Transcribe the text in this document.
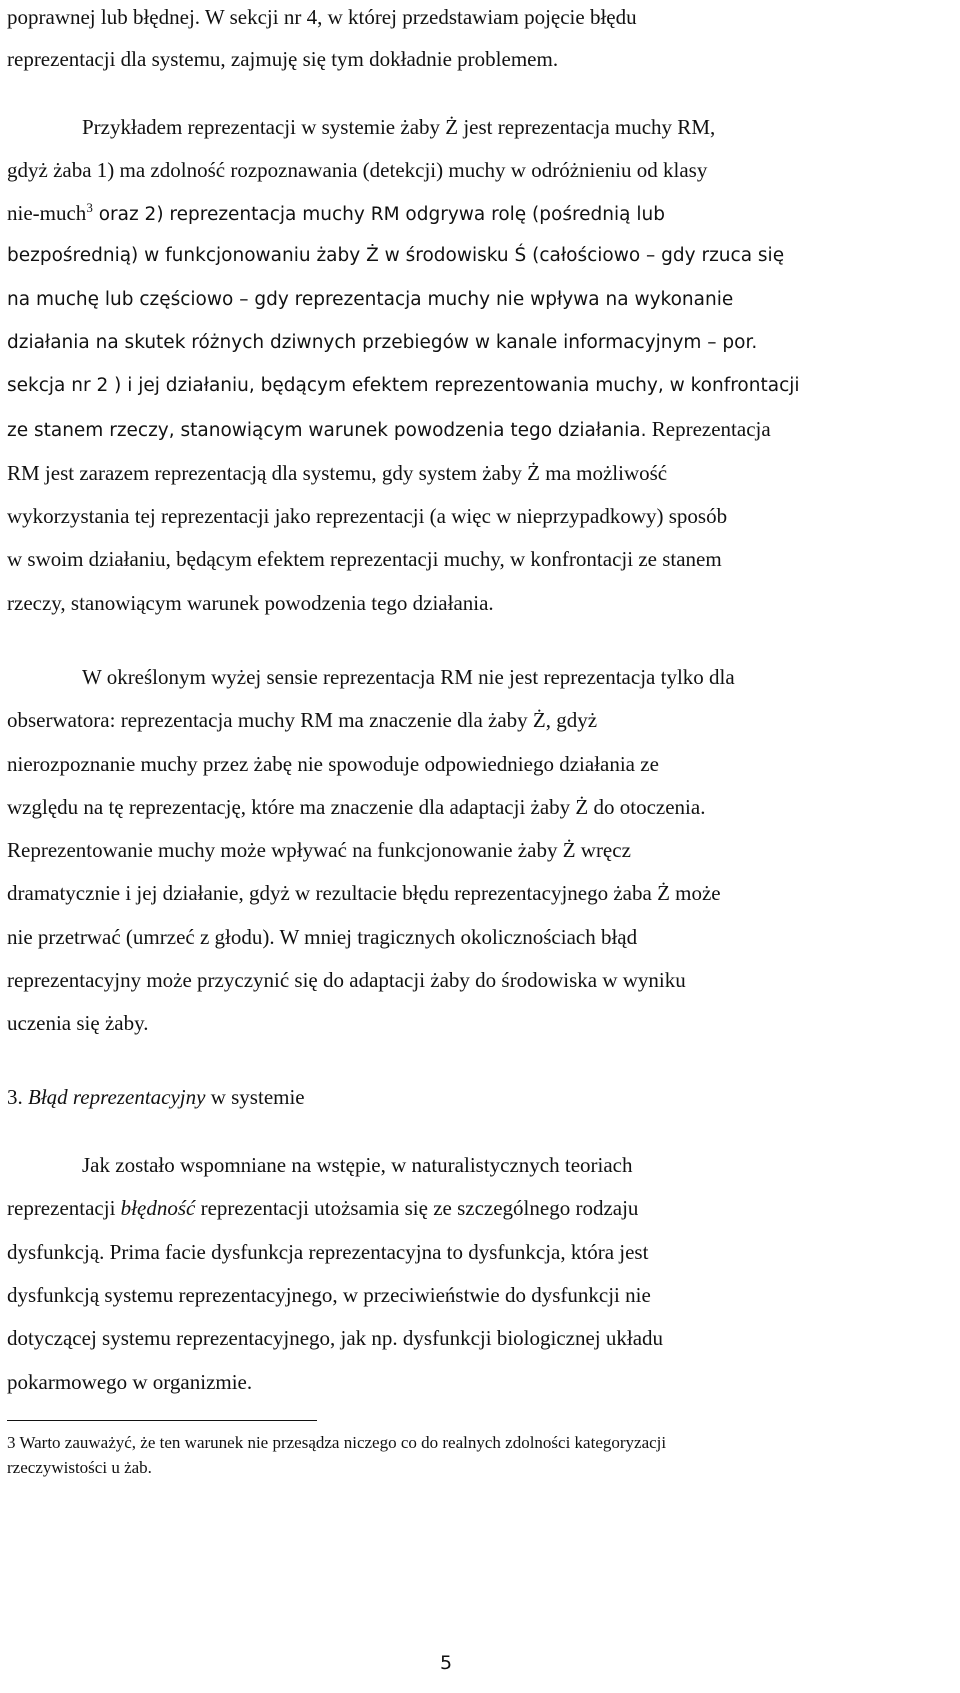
poprawnej lub błędnej. W sekcji nr 4, w której przedstawiam pojęcie błędu
reprezentacji dla systemu, zajmuję się tym dokładnie problemem.
Przykładem reprezentacji w systemie żaby Ż jest reprezentacja muchy RM,
gdyż żaba 1) ma zdolność rozpoznawania (detekcji) muchy w odróżnieniu od klasy
nie-much$^3$ oraz 2) reprezentacja muchy RM odgrywa rolę (pośrednią lub
bezpośrednią) w funkcjonowaniu żaby Ż w środowisku Ś (całościowo – gdy rzuca się
na muchę lub częściowo – gdy reprezentacja muchy nie wpływa na wykonanie
działania na skutek różnych dziwnych przebiegów w kanale informacyjnym – por.
sekcja nr 2 ) i jej działaniu, będącym efektem reprezentowania muchy, w konfrontacji
ze stanem rzeczy, stanowiącym warunek powodzenia tego działania. Reprezentacja
RM jest zarazem reprezentacją dla systemu, gdy system żaby Ż ma możliwość
wykorzystania tej reprezentacji jako reprezentacji (a więc w nieprzypadkowy) sposób
w swoim działaniu, będącym efektem reprezentacji muchy, w konfrontacji ze stanem
rzeczy, stanowiącym warunek powodzenia tego działania.
W określonym wyżej sensie reprezentacja RM nie jest reprezentacja tylko dla
obserwatora: reprezentacja muchy RM ma znaczenie dla żaby Ż, gdyż
nierozpoznanie muchy przez żabę nie spowoduje odpowiedniego działania ze
względu na tę reprezentację, które ma znaczenie dla adaptacji żaby Ż do otoczenia.
Reprezentowanie muchy może wpływać na funkcjonowanie żaby Ż wręcz
dramatycznie i jej działanie, gdyż w rezultacie błędu reprezentacyjnego żaba Ż może
nie przetrwać (umrzeć z głodu). W mniej tragicznych okolicznościach błąd
reprezentacyjny może przyczynić się do adaptacji żaby do środowiska w wyniku
uczenia się żaby.
3. Błąd reprezentacyjny w systemie
Jak zostało wspomniane na wstępie, w naturalistycznych teoriach
reprezentacji błędność reprezentacji utożsamia się ze szczególnego rodzaju
dysfunkcją. Prima facie dysfunkcja reprezentacyjna to dysfunkcja, która jest
dysfunkcją systemu reprezentacyjnego, w przeciwieństwie do dysfunkcji nie
dotyczącej systemu reprezentacyjnego, jak np. dysfunkcji biologicznej układu
pokarmowego w organizmie.
3 Warto zauważyć, że ten warunek nie przesądza niczego co do realnych zdolności kategoryzacji
rzeczywistości u żab.
5
